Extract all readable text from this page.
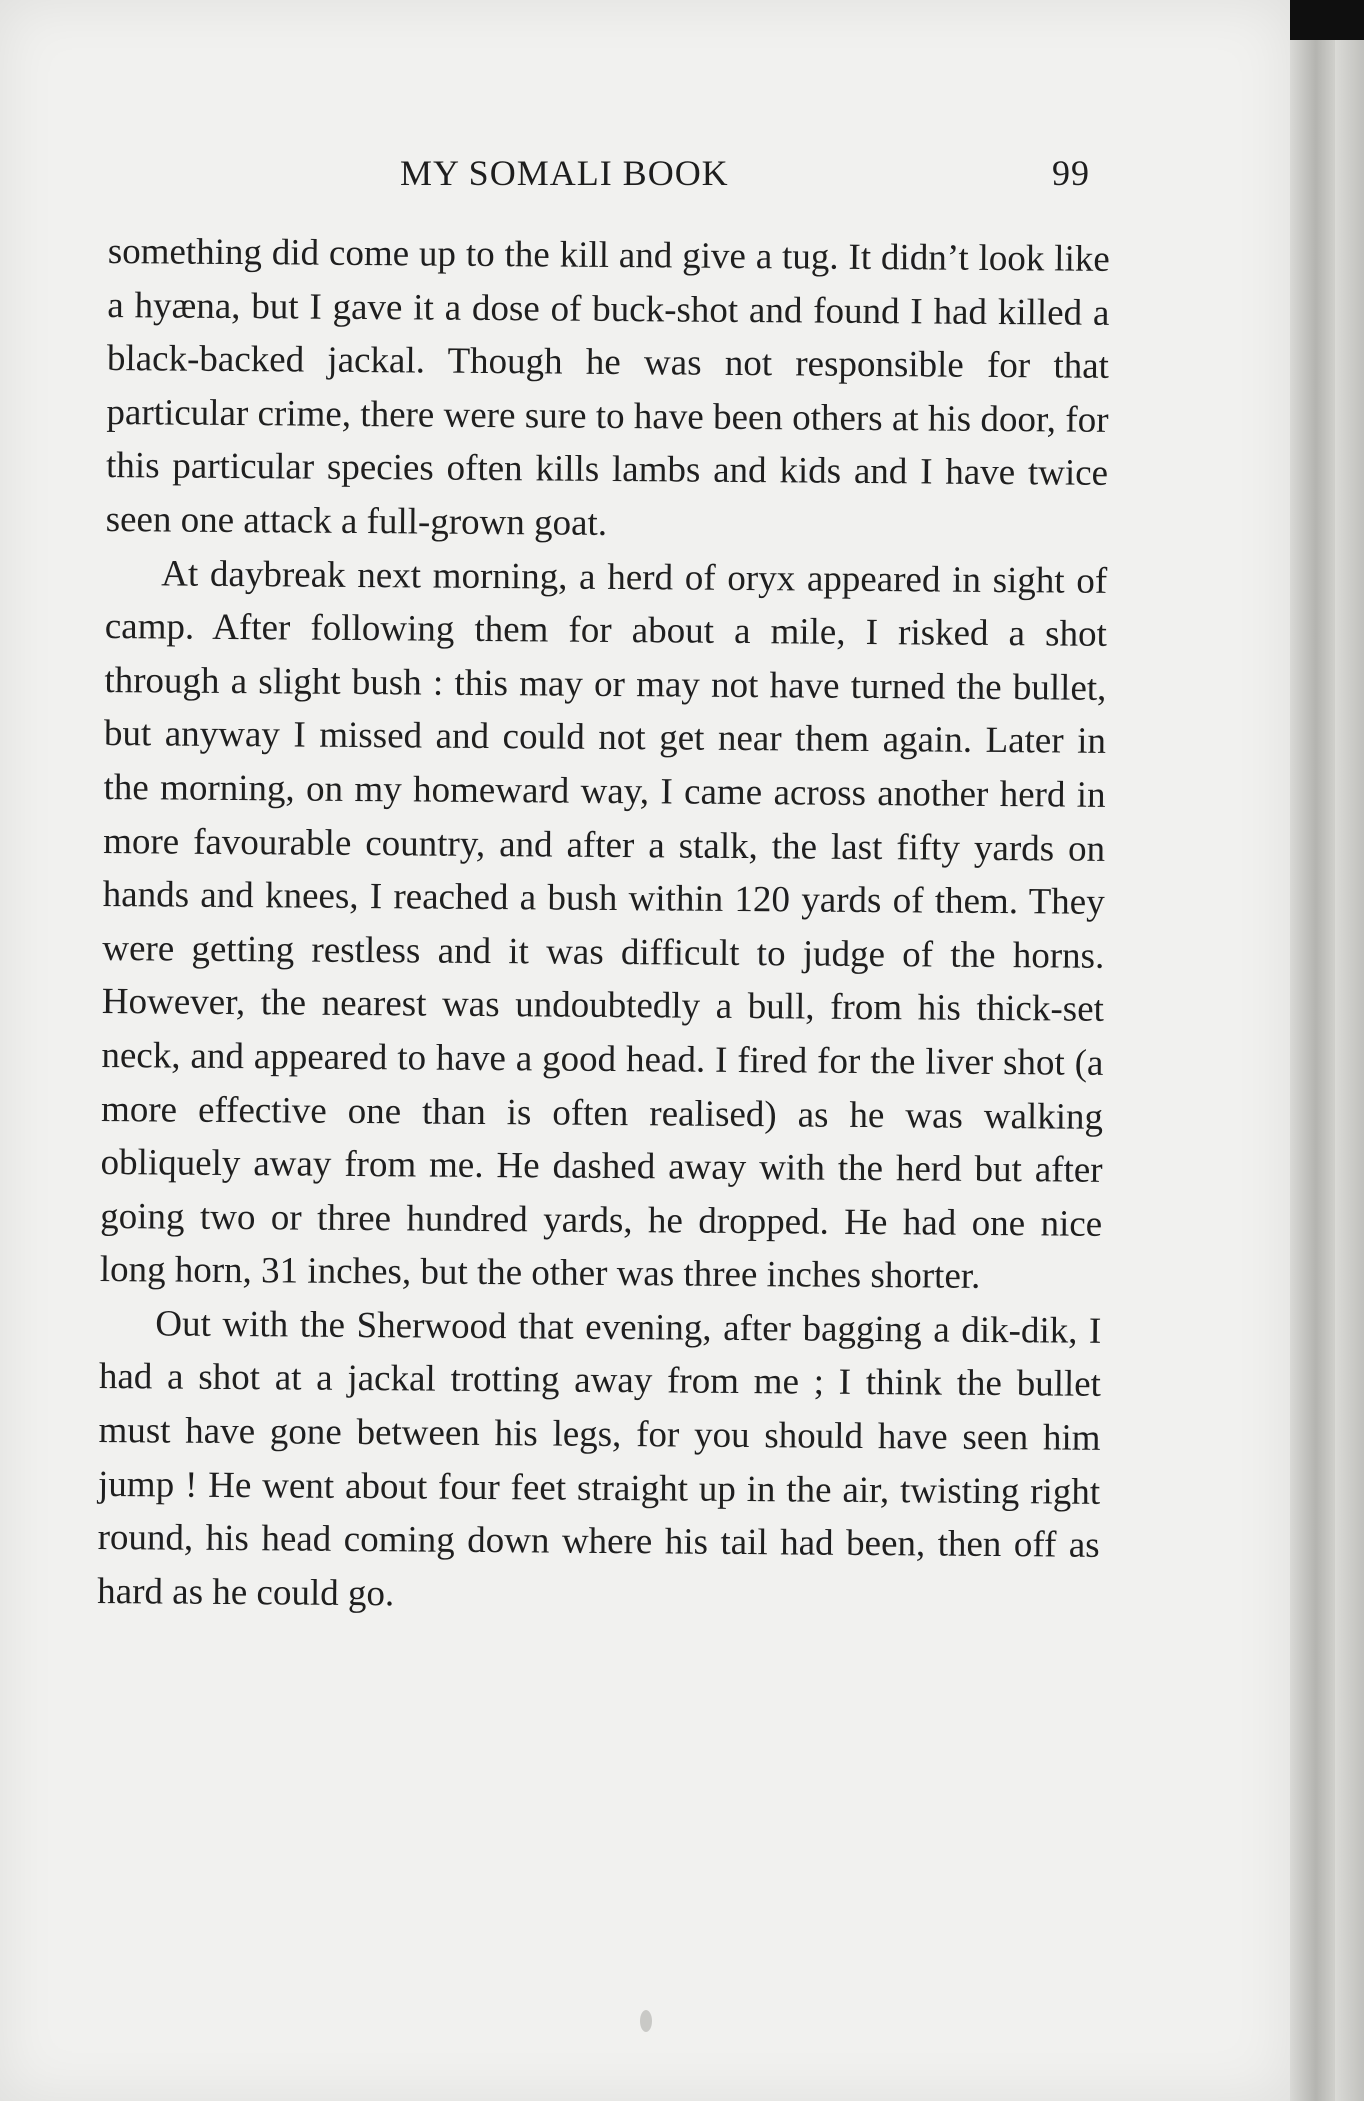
MY SOMALI BOOK	99

something did come up to the kill and give a tug. It didn’t look like a hyæna, but I gave it a dose of buck-shot and found I had killed a black-backed jackal. Though he was not responsible for that particular crime, there were sure to have been others at his door, for this particular species often kills lambs and kids and I have twice seen one attack a full-grown goat.

At daybreak next morning, a herd of oryx appeared in sight of camp. After following them for about a mile, I risked a shot through a slight bush : this may or may not have turned the bullet, but anyway I missed and could not get near them again. Later in the morning, on my homeward way, I came across another herd in more favourable country, and after a stalk, the last fifty yards on hands and knees, I reached a bush within 120 yards of them. They were getting restless and it was difficult to judge of the horns. However, the nearest was undoubtedly a bull, from his thick-set neck, and appeared to have a good head. I fired for the liver shot (a more effective one than is often realised) as he was walking obliquely away from me. He dashed away with the herd but after going two or three hundred yards, he dropped. He had one nice long horn, 31 inches, but the other was three inches shorter.

Out with the Sherwood that evening, after bagging a dik-dik, I had a shot at a jackal trotting away from me ; I think the bullet must have gone between his legs, for you should have seen him jump ! He went about four feet straight up in the air, twisting right round, his head coming down where his tail had been, then off as hard as he could go.
